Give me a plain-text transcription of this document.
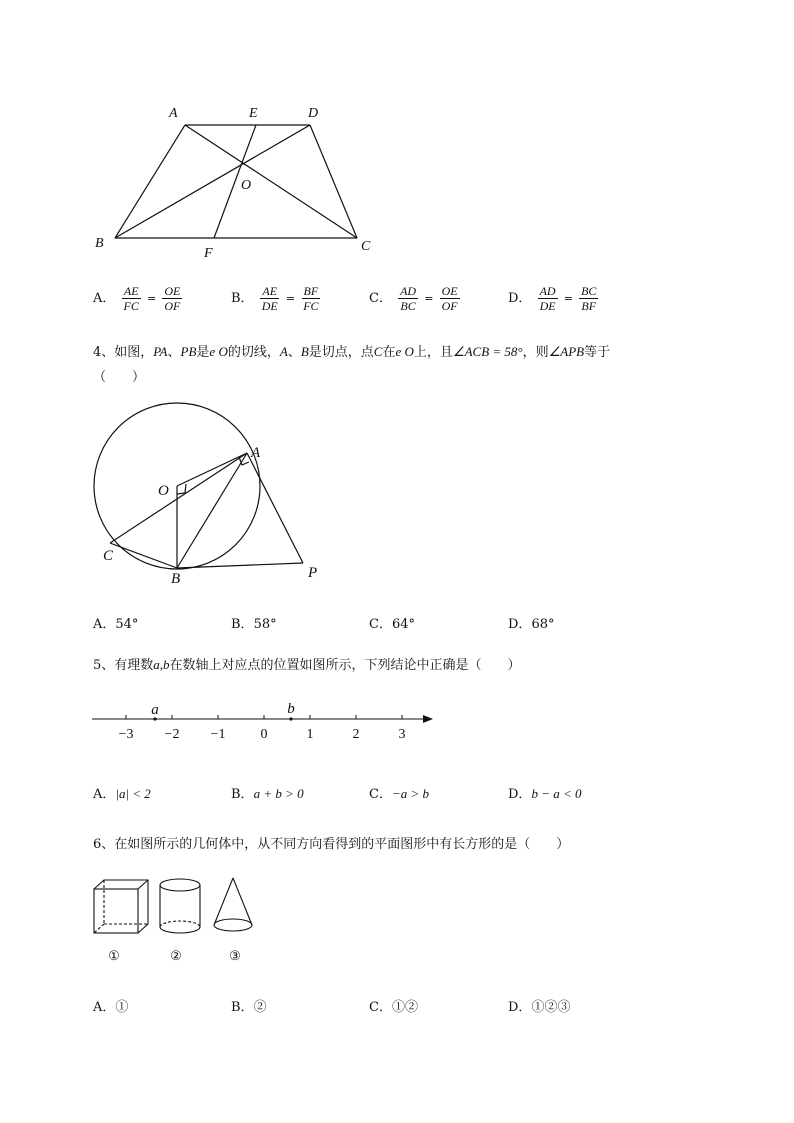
A	E	D
O
B
F	C
A． $\frac{AE}{FC} = \frac{OE}{OF}$	B． $\frac{AE}{DE} = \frac{BF}{FC}$	C． $\frac{AD}{BC} = \frac{OE}{OF}$	D． $\frac{AD}{DE} = \frac{BC}{BF}$
4、如图，PA、PB是e O的切线，A、B是切点，点C在e O上，且∠ACB = 58°，则∠APB等于
（　　）
O
A
C
B	P
A．54°	B．58°	C．64°	D．68°
5、有理数a,b在数轴上对应点的位置如图所示，下列结论中正确是（　　）
a	b
−3 −2 −1	0	1	2	3
A．|a| < 2	B．a + b > 0	C．−a > b	D．b − a < 0
6、在如图所示的几何体中，从不同方向看得到的平面图形中有长方形的是（　　）
①	②	③
A．①	B．②	C．①②	D．①②③
